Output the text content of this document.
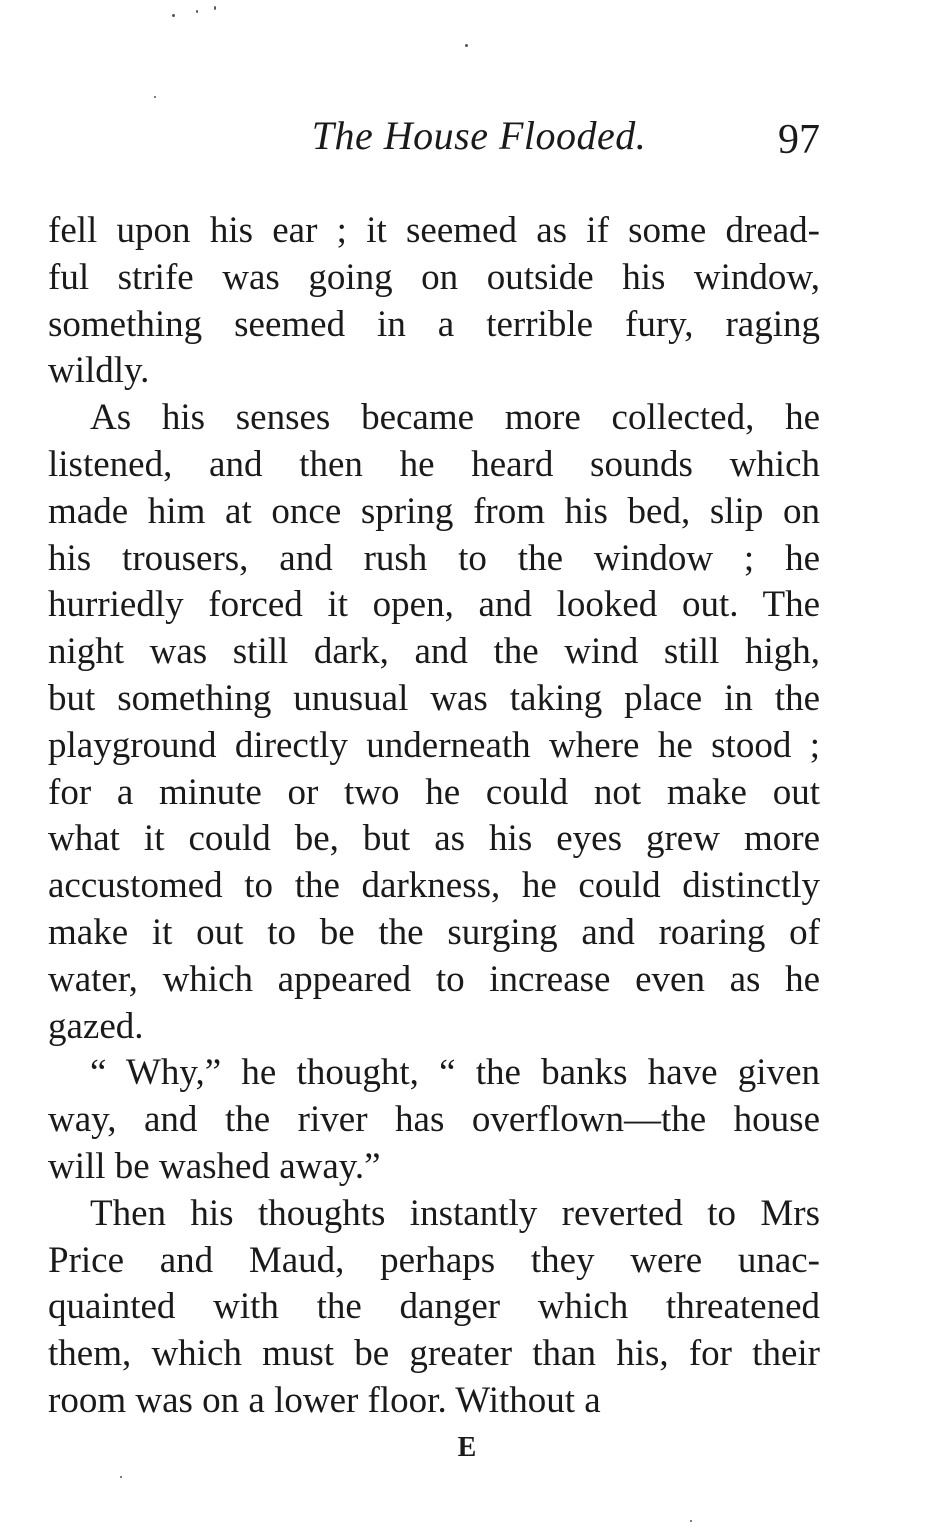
The House Flooded.	97
fell upon his ear ; it seemed as if some dread-
ful strife was going on outside his window,
something seemed in a terrible fury, raging
wildly.
As his senses became more collected, he
listened, and then he heard sounds which
made him at once spring from his bed, slip on
his trousers, and rush to the window ; he
hurriedly forced it open, and looked out. The
night was still dark, and the wind still high,
but something unusual was taking place in the
playground directly underneath where he stood ;
for a minute or two he could not make out
what it could be, but as his eyes grew more
accustomed to the darkness, he could distinctly
make it out to be the surging and roaring of
water, which appeared to increase even as he
gazed.
“ Why,” he thought, “ the banks have given
way, and the river has overflown—the house
will be washed away.”
Then his thoughts instantly reverted to Mrs
Price and Maud, perhaps they were unac-
quainted with the danger which threatened
them, which must be greater than his, for their
room was on a lower floor. Without a
E
